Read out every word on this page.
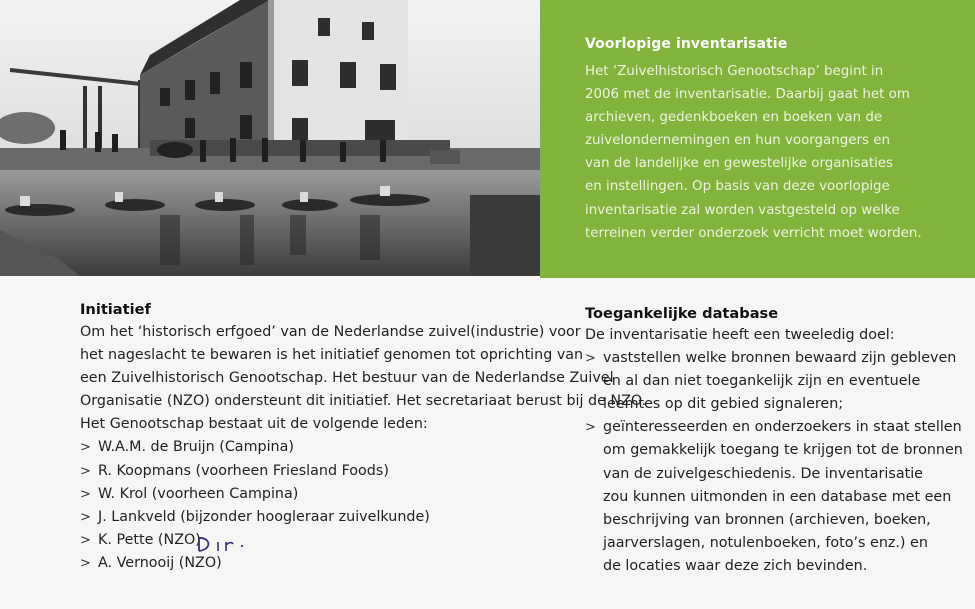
Voorlopige inventarisatie
Het ‘Zuivelhistorisch Genootschap’ begint in
2006 met de inventarisatie. Daarbij gaat het om
archieven, gedenkboeken en boeken van de
zuivelondernemingen en hun voorgangers en
van de landelijke en gewestelijke organisaties
en instellingen. Op basis van deze voorlopige
inventarisatie zal worden vastgesteld op welke
terreinen verder onderzoek verricht moet worden.
Initiatief
Om het ‘historisch erfgoed’ van de Nederlandse zuivel(industrie) voor
het nageslacht te bewaren is het initiatief genomen tot oprichting van
een Zuivelhistorisch Genootschap. Het bestuur van de Nederlandse Zuivel
Organisatie (NZO) ondersteunt dit initiatief. Het secretariaat berust bij de NZO.
Het Genootschap bestaat uit de volgende leden:
> W.A.M. de Bruijn (Campina)
> R. Koopmans (voorheen Friesland Foods)
> W. Krol (voorheen Campina)
> J. Lankveld (bijzonder hoogleraar zuivelkunde)
> K. Pette (NZO)
> A. Vernooij (NZO)
Toegankelijke database
De inventarisatie heeft een tweeledig doel:
> vaststellen welke bronnen bewaard zijn gebleven
en al dan niet toegankelijk zijn en eventuele
leemtes op dit gebied signaleren;
> geïnteresseerden en onderzoekers in staat stellen
om gemakkelijk toegang te krijgen tot de bronnen
van de zuivelgeschiedenis. De inventarisatie
zou kunnen uitmonden in een database met een
beschrijving van bronnen (archieven, boeken,
jaarverslagen, notulenboeken, foto’s enz.) en
de locaties waar deze zich bevinden.
